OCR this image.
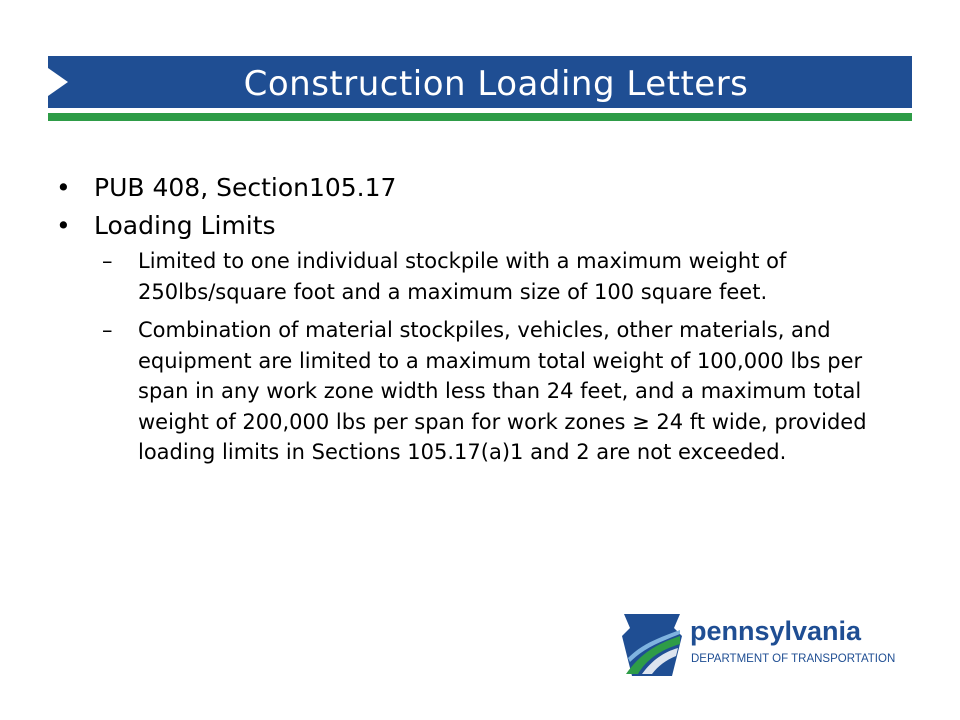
Construction Loading Letters
• PUB 408, Section105.17
• Loading Limits
–	Limited to one individual stockpile with a maximum weight of 250lbs/square foot and a maximum size of 100 square feet.
–	Combination of material stockpiles, vehicles, other materials, and equipment are limited to a maximum total weight of 100,000 lbs per span in any work zone width less than 24 feet, and a maximum total weight of 200,000 lbs per span for work zones ≥ 24 ft wide, provided loading limits in Sections 105.17(a)1 and 2 are not exceeded.
pennsylvania
DEPARTMENT OF TRANSPORTATION
